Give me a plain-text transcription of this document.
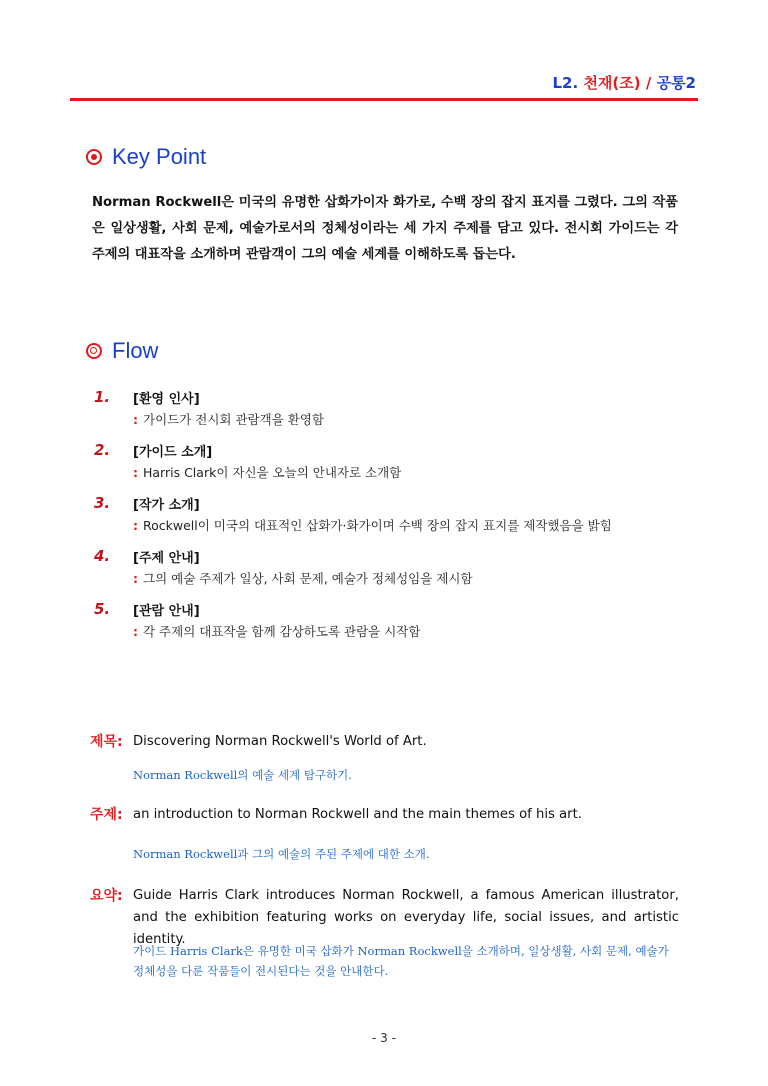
L2. 천재(조) / 공통2
Key Point
Norman Rockwell은 미국의 유명한 삽화가이자 화가로, 수백 장의 잡지 표지를 그렸다. 그의 작품은 일상생활, 사회 문제, 예술가로서의 정체성이라는 세 가지 주제를 담고 있다. 전시회 가이드는 각 주제의 대표작을 소개하며 관람객이 그의 예술 세계를 이해하도록 돕는다.
Flow
1.	[환영 인사]
: 가이드가 전시회 관람객을 환영함
2.	[가이드 소개]
: Harris Clark이 자신을 오늘의 안내자로 소개함
3.	[작가 소개]
: Rockwell이 미국의 대표적인 삽화가·화가이며 수백 장의 잡지 표지를 제작했음을 밝힘
4.	[주제 안내]
: 그의 예술 주제가 일상, 사회 문제, 예술가 정체성임을 제시함
5.	[관람 안내]
: 각 주제의 대표작을 함께 감상하도록 관람을 시작함
제목: Discovering Norman Rockwell's World of Art.
Norman Rockwell의 예술 세계 탐구하기.
주제: an introduction to Norman Rockwell and the main themes of his art.
Norman Rockwell과 그의 예술의 주된 주제에 대한 소개.
요약: Guide Harris Clark introduces Norman Rockwell, a famous American illustrator, and the exhibition featuring works on everyday life, social issues, and artistic identity.
가이드 Harris Clark은 유명한 미국 삽화가 Norman Rockwell을 소개하며, 일상생활, 사회 문제, 예술가 정체성을 다룬 작품들이 전시된다는 것을 안내한다.
- 3 -
